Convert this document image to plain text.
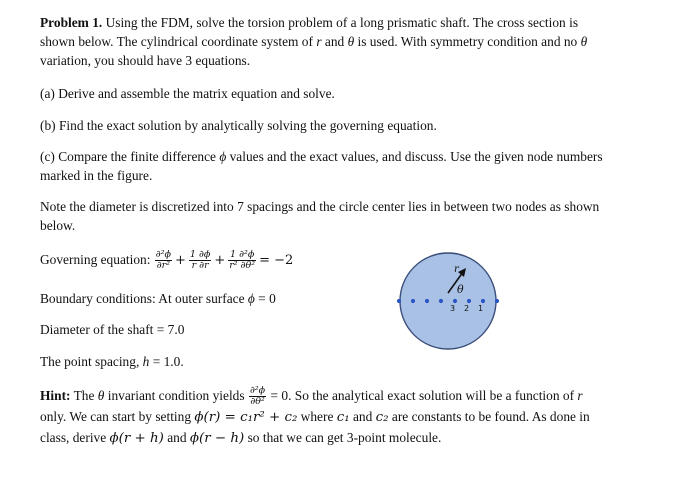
Problem 1. Using the FDM, solve the torsion problem of a long prismatic shaft. The cross section is
shown below. The cylindrical coordinate system of r and θ is used. With symmetry condition and no θ
variation, you should have 3 equations.

(a) Derive and assemble the matrix equation and solve.
(b) Find the exact solution by analytically solving the governing equation.

(c) Compare the finite difference ϕ values and the exact values, and discuss. Use the given node numbers
marked in the figure.

Note the diameter is discretized into 7 spacings and the circle center lies in between two nodes as shown
below.

Governing equation: $\frac{\text{∂²ϕ}}{\text{∂r²}} + \frac{1 \partial\phi}{r \partial r} + \frac{\text{1 ∂²ϕ}}{\text{r² ∂θ²}} = -2$
Boundary conditions: At outer surface ϕ = 0
Diameter of the shaft = 7.0
The point spacing, h = 1.0.

Hint: The θ invariant condition yields $\frac{\text{∂²ϕ}}{\text{∂θ²}} = 0$. So the analytical exact solution will be a function of r
only. We can start by setting ϕ(r) = c₁r² + c₂ where c₁ and c₂ are constants to be found. As done in
class, derive ϕ(r + h) and ϕ(r − h) so that we can get 3-point molecule.

r
θ
3 2 1
